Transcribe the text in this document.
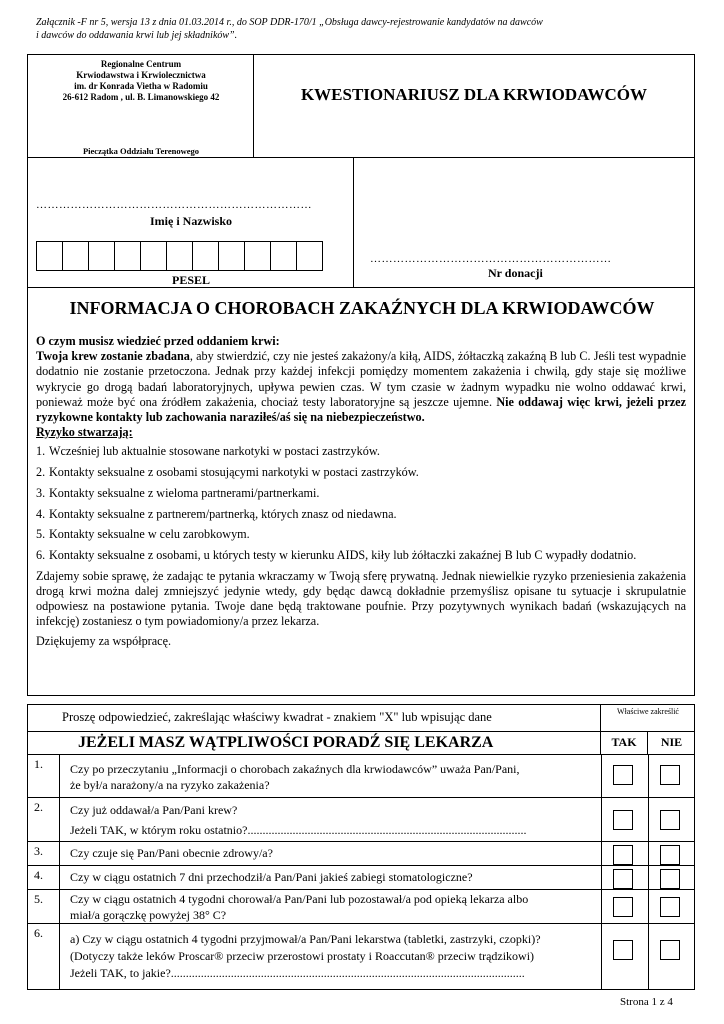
Załącznik -F nr 5, wersja 13 z dnia 01.03.2014 r., do SOP DDR-170/1 „Obsługa dawcy-rejestrowanie kandydatów na dawców
i dawców do oddawania krwi lub jej składników”.
Regionalne Centrum
Krwiodawstwa i Krwiolecznictwa
im. dr Konrada Vietha w Radomiu
26-612 Radom , ul. B. Limanowskiego 42
Pieczątka Oddziału Terenowego
KWESTIONARIUSZ DLA KRWIODAWCÓW
………………………………………………………………
Imię i Nazwisko
PESEL
………………………………………………………
Nr donacji
INFORMACJA O CHOROBACH ZAKAŹNYCH DLA KRWIODAWCÓW

O czym musisz wiedzieć przed oddaniem krwi:

Twoja krew zostanie zbadana, aby stwierdzić, czy nie jesteś zakażony/a kiłą, AIDS, żółtaczką zakaźną B lub C. Jeśli test wypadnie dodatnio nie zostanie przetoczona. Jednak przy każdej infekcji pomiędzy momentem zakażenia i chwilą, gdy staje się możliwe wykrycie go drogą badań laboratoryjnych, upływa pewien czas. W tym czasie w żadnym wypadku nie wolno oddawać krwi, ponieważ może być ona źródłem zakażenia, chociaż testy laboratoryjne są jeszcze ujemne. Nie oddawaj więc krwi, jeżeli przez ryzykowne kontakty lub zachowania naraziłeś/aś się na niebezpieczeństwo.

Ryzyko stwarzają:

1. Wcześniej lub aktualnie stosowane narkotyki w postaci zastrzyków.
2. Kontakty seksualne z osobami stosującymi narkotyki w postaci zastrzyków.
3. Kontakty seksualne z wieloma partnerami/partnerkami.
4. Kontakty seksualne z partnerem/partnerką, których znasz od niedawna.
5. Kontakty seksualne w celu zarobkowym.
6. Kontakty seksualne z osobami, u których testy w kierunku AIDS, kiły lub żółtaczki zakaźnej B lub C wypadły dodatnio.

Zdajemy sobie sprawę, że zadając te pytania wkraczamy w Twoją sferę prywatną. Jednak niewielkie ryzyko przeniesienia zakażenia drogą krwi można dalej zmniejszyć jedynie wtedy, gdy będąc dawcą dokładnie przemyślisz opisane tu sytuacje i skrupulatnie odpowiesz na postawione pytania. Twoje dane będą traktowane poufnie. Przy pozytywnych wynikach badań (wskazujących na infekcję) zostaniesz o tym powiadomiony/a przez lekarza.

Dziękujemy za współpracę.

Proszę odpowiedzieć, zakreślając właściwy kwadrat - znakiem "X" lub wpisując dane	Właściwe zakreślić
JEŻELI MASZ WĄTPLIWOŚCI PORADŹ SIĘ LEKARZA	TAK	NIE
1.	Czy po przeczytaniu „Informacji o chorobach zakaźnych dla krwiodawców” uważa Pan/Pani,
że był/a narażony/a na ryzyko zakażenia?
2.	Czy już oddawał/a Pan/Pani krew?
Jeżeli TAK, w którym roku ostatnio?.............................................................................................
3.	Czy czuje się Pan/Pani obecnie zdrowy/a?
4.	Czy w ciągu ostatnich 7 dni przechodził/a Pan/Pani jakieś zabiegi stomatologiczne?
5.	Czy w ciągu ostatnich 4 tygodni chorował/a Pan/Pani lub pozostawał/a pod opieką lekarza albo
miał/a gorączkę powyżej 38° C?
6.	a) Czy w ciągu ostatnich 4 tygodni przyjmował/a Pan/Pani lekarstwa (tabletki, zastrzyki, czopki)?
(Dotyczy także leków Proscar® przeciw przerostowi prostaty i Roaccutan® przeciw trądzikowi)
Jeżeli TAK, to jakie?......................................................................................................................
Strona 1 z 4
